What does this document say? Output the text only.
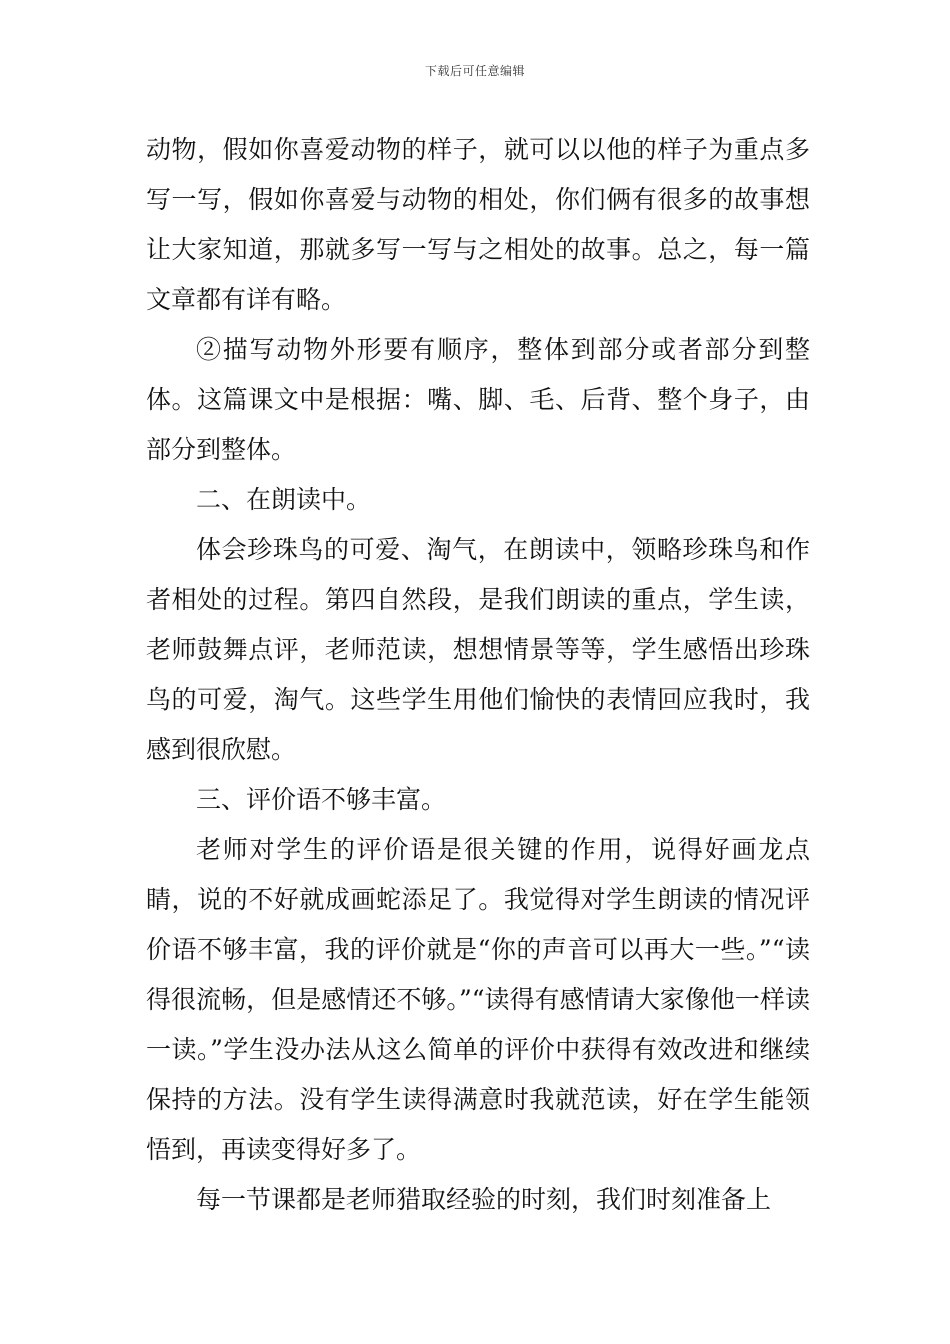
下载后可任意编辑

动物，假如你喜爱动物的样子，就可以以他的样子为重点多写一写，假如你喜爱与动物的相处，你们俩有很多的故事想让大家知道，那就多写一写与之相处的故事。总之，每一篇文章都有详有略。

②描写动物外形要有顺序，整体到部分或者部分到整体。这篇课文中是根据：嘴、脚、毛、后背、整个身子，由部分到整体。

二、在朗读中。

体会珍珠鸟的可爱、淘气，在朗读中，领略珍珠鸟和作者相处的过程。第四自然段，是我们朗读的重点，学生读，老师鼓舞点评，老师范读，想想情景等等，学生感悟出珍珠鸟的可爱，淘气。这些学生用他们愉快的表情回应我时，我感到很欣慰。

三、评价语不够丰富。

老师对学生的评价语是很关键的作用，说得好画龙点睛，说的不好就成画蛇添足了。我觉得对学生朗读的情况评价语不够丰富，我的评价就是“你的声音可以再大一些。”“读得很流畅，但是感情还不够。”“读得有感情请大家像他一样读一读。”学生没办法从这么简单的评价中获得有效改进和继续保持的方法。没有学生读得满意时我就范读，好在学生能领悟到，再读变得好多了。

每一节课都是老师猎取经验的时刻，我们时刻准备上
